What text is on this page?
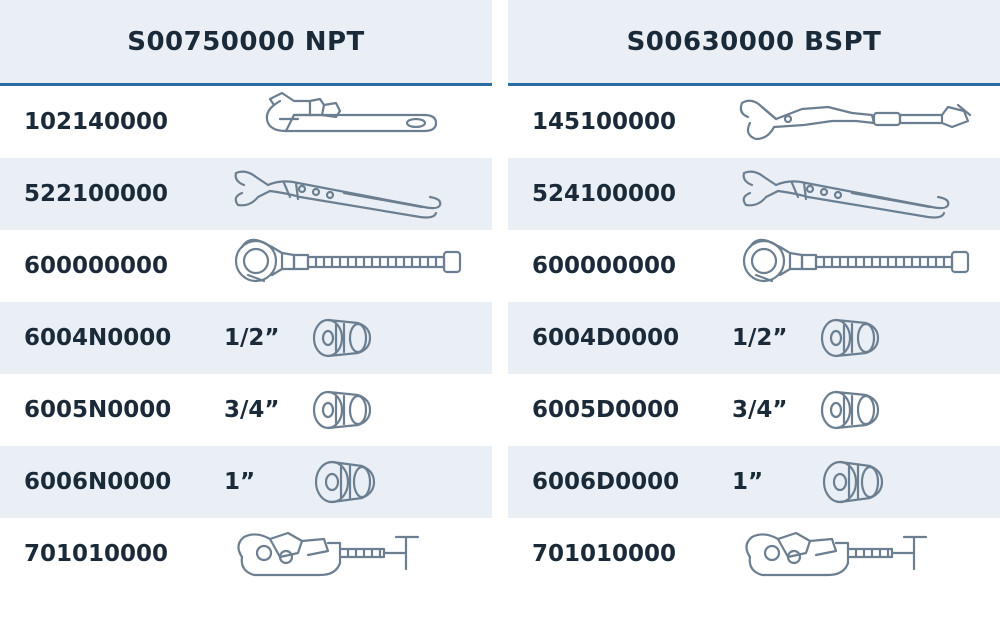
S00750000 NPT
102140000
522100000
600000000
6004N0000	1/2”
6005N0000	3/4”
6006N0000	1”
701010000
S00630000 BSPT
145100000
524100000
600000000
6004D0000	1/2”
6005D0000	3/4”
6006D0000	1”
701010000
